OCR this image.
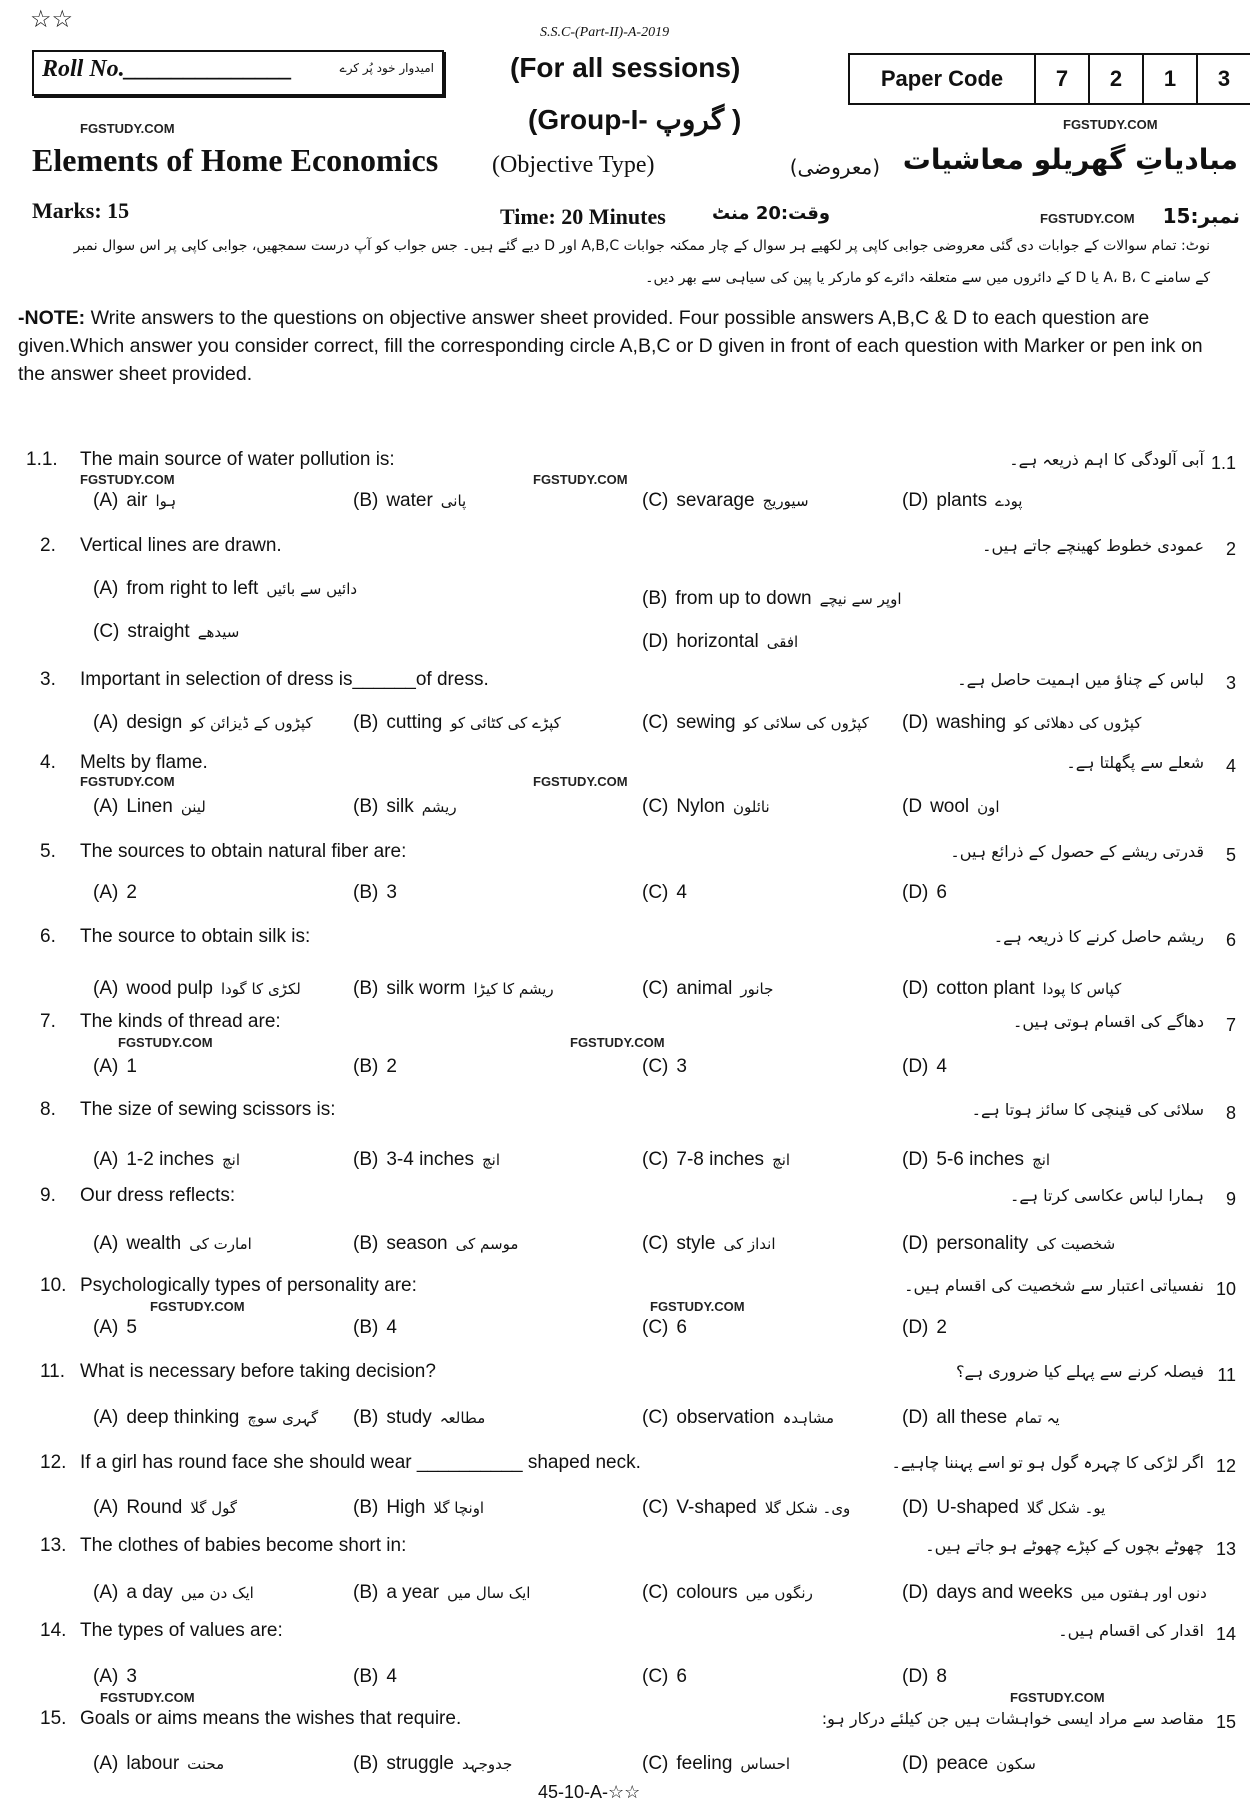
☆☆	S.S.C-(Part-II)-A-2019
(For all sessions)
Roll No.______________	امیدوار خود پُر کرے	Paper Code	7	2	1	3
FGSTUDY.COM	FGSTUDY.COM
(Group-I- گروپ )
Elements of Home Economics (Objective Type)	مبادیاتِ گھریلو معاشیات
(معروضی)
Marks: 15	Time: 20 Minutes	وقت:20 منٹ	FGSTUDY.COM نمبر:15
نوٹ: تمام سوالات کے جوابات دی گئی معروضی جوابی کاپی پر لکھیے ہر سوال کے چار ممکنہ جوابات A,B,C اور D دیے گئے ہیں۔ جس جواب کو آپ درست سمجھیں، جوابی کاپی پر اس سوال نمبر
کے سامنے A، B، C یا D کے دائروں میں سے متعلقہ دائرے کو مارکر یا پین کی سیاہی سے بھر دیں۔
-NOTE: Write answers to the questions on objective answer sheet provided. Four possible answers A,B,C & D to each question are given.Which answer you consider correct, fill the corresponding circle A,B,C or D given in front of each question with Marker or pen ink on the answer sheet provided.
1.1. The main source of water pollution is:	آبی آلودگی کا اہم ذریعہ ہے۔ 1.1
(A) air ہوا	(B) water پانی	(C) sevarage سیوریج	(D) plants پودے
2. Vertical lines are drawn.	عمودی خطوط کھینچے جاتے ہیں۔ 2
(A) from right to left دائیں سے بائیں	(B) from up to down اوپر سے نیچے
(C) straight سیدھے	(D) horizontal افقی
3. Important in selection of dress is______of dress.	لباس کے چناؤ میں اہمیت حاصل ہے۔ 3
(A) design کپڑوں کے ڈیزائن کو (B) cutting کپڑے کی کٹائی کو	(C) sewing کپڑوں کی سلائی کو (D) washing کپڑوں کی دھلائی کو
4. Melts by flame.	شعلے سے پگھلتا ہے۔ 4
(A) Linen لینن	(B) silk ریشم	(C) Nylon نائلون	(D wool اون
5. The sources to obtain natural fiber are:	قدرتی ریشے کے حصول کے ذرائع ہیں۔ 5
(A) 2	(B) 3	(C) 4	(D) 6
6. The source to obtain silk is:	ریشم حاصل کرنے کا ذریعہ ہے۔ 6
(A) wood pulp لکڑی کا گودا	(B) silk worm ریشم کا کیڑا	(C) animal جانور	(D) cotton plant کپاس کا پودا
7. The kinds of thread are:	دھاگے کی اقسام ہوتی ہیں۔ 7
(A) 1	(B) 2	(C) 3	(D) 4
8. The size of sewing scissors is:	سلائی کی قینچی کا سائز ہوتا ہے۔ 8
(A) 1-2 inches انچ	(B) 3-4 inches انچ	(C) 7-8 inches انچ	(D) 5-6 inches انچ
9. Our dress reflects:	ہمارا لباس عکاسی کرتا ہے۔ 9
(A) wealth امارت کی	(B) season موسم کی	(C) style انداز کی	(D) personality شخصیت کی
10. Psychologically types of personality are:	نفسیاتی اعتبار سے شخصیت کی اقسام ہیں۔ 10
(A) 5	(B) 4	(C) 6	(D) 2
11. What is necessary before taking decision?	فیصلہ کرنے سے پہلے کیا ضروری ہے؟ 11
(A) deep thinking گہری سوچ (B) study مطالعہ	(C) observation مشاہدہ	(D) all these یہ تمام
12. If a girl has round face she should wear __________ shaped neck.	اگر لڑکی کا چہرہ گول ہو تو اسے پہننا چاہیے۔ 12
(A) Round گول گلا	(B) High اونچا گلا	(C) V-shaped وی۔ شکل گلا	(D) U-shaped یو۔ شکل گلا
13. The clothes of babies become short in:	چھوٹے بچوں کے کپڑے چھوٹے ہو جاتے ہیں۔ 13
(A) a day ایک دن میں	(B) a year ایک سال میں	(C) colours رنگوں میں	(D) days and weeks دنوں اور ہفتوں میں
14. The types of values are:	اقدار کی اقسام ہیں۔ 14
(A) 3	(B) 4	(C) 6	(D) 8
15. Goals or aims means the wishes that require.	مقاصد سے مراد ایسی خواہشات ہیں جن کیلئے درکار ہو: 15
(A) labour محنت	(B) struggle جدوجہد	(C) feeling احساس	(D) peace سکون
FGSTUDY.COM	FGSTUDY.COM
FGSTUDY.COM	FGSTUDY.COM
FGSTUDY.COM	FGSTUDY.COM
FGSTUDY.COM	FGSTUDY.COM
FGSTUDY.COM	FGSTUDY.COM
45-10-A-☆☆
